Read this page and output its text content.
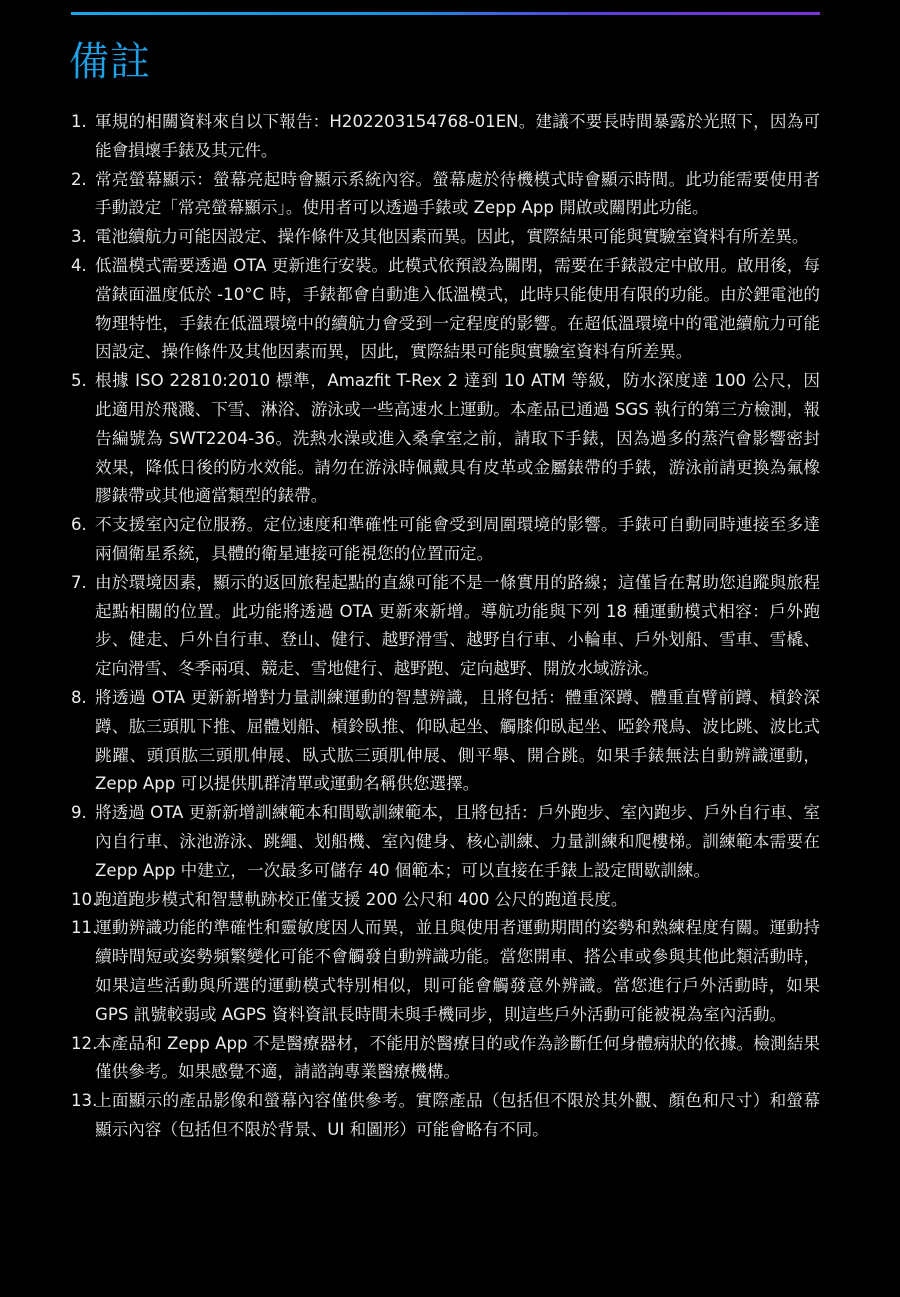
備註
1. 軍規的相關資料來自以下報告：H202203154768-01EN。建議不要長時間暴露於光照下，因為可能會損壞手錶及其元件。
2. 常亮螢幕顯示：螢幕亮起時會顯示系統內容。螢幕處於待機模式時會顯示時間。此功能需要使用者手動設定「常亮螢幕顯示」。使用者可以透過手錶或 Zepp App 開啟或關閉此功能。
3. 電池續航力可能因設定、操作條件及其他因素而異。因此，實際結果可能與實驗室資料有所差異。
4. 低溫模式需要透過 OTA 更新進行安裝。此模式依預設為關閉，需要在手錶設定中啟用。啟用後，每當錶面溫度低於 -10°C 時，手錶都會自動進入低溫模式，此時只能使用有限的功能。由於鋰電池的物理特性，手錶在低溫環境中的續航力會受到一定程度的影響。在超低溫環境中的電池續航力可能因設定、操作條件及其他因素而異，因此，實際結果可能與實驗室資料有所差異。
5. 根據 ISO 22810:2010 標準，Amazfit T-Rex 2 達到 10 ATM 等級，防水深度達 100 公尺，因此適用於飛濺、下雪、淋浴、游泳或一些高速水上運動。本產品已通過 SGS 執行的第三方檢測，報告編號為 SWT2204-36。洗熱水澡或進入桑拿室之前，請取下手錶，因為過多的蒸汽會影響密封效果，降低日後的防水效能。請勿在游泳時佩戴具有皮革或金屬錶帶的手錶，游泳前請更換為氟橡膠錶帶或其他適當類型的錶帶。
6. 不支援室內定位服務。定位速度和準確性可能會受到周圍環境的影響。手錶可自動同時連接至多達兩個衛星系統，具體的衛星連接可能視您的位置而定。
7. 由於環境因素，顯示的返回旅程起點的直線可能不是一條實用的路線；這僅旨在幫助您追蹤與旅程起點相關的位置。此功能將透過 OTA 更新來新增。導航功能與下列 18 種運動模式相容：戶外跑步、健走、戶外自行車、登山、健行、越野滑雪、越野自行車、小輪車、戶外划船、雪車、雪橇、定向滑雪、冬季兩項、競走、雪地健行、越野跑、定向越野、開放水域游泳。
8. 將透過 OTA 更新新增對力量訓練運動的智慧辨識，且將包括：體重深蹲、體重直臂前蹲、槓鈴深蹲、肱三頭肌下推、屈體划船、槓鈴臥推、仰臥起坐、觸膝仰臥起坐、啞鈴飛鳥、波比跳、波比式跳躍、頭頂肱三頭肌伸展、臥式肱三頭肌伸展、側平舉、開合跳。如果手錶無法自動辨識運動，Zepp App 可以提供肌群清單或運動名稱供您選擇。
9. 將透過 OTA 更新新增訓練範本和間歇訓練範本，且將包括：戶外跑步、室內跑步、戶外自行車、室內自行車、泳池游泳、跳繩、划船機、室內健身、核心訓練、力量訓練和爬樓梯。訓練範本需要在 Zepp App 中建立，一次最多可儲存 40 個範本；可以直接在手錶上設定間歇訓練。
10.
跑道跑步模式和智慧軌跡校正僅支援 200 公尺和 400 公尺的跑道長度。
11.
運動辨識功能的準確性和靈敏度因人而異，並且與使用者運動期間的姿勢和熟練程度有關。運動持續時間短或姿勢頻繁變化可能不會觸發自動辨識功能。當您開車、搭公車或參與其他此類活動時，如果這些活動與所選的運動模式特別相似，則可能會觸發意外辨識。當您進行戶外活動時，如果 GPS 訊號較弱或 AGPS 資料資訊長時間未與手機同步，則這些戶外活動可能被視為室內活動。
12.
本產品和 Zepp App 不是醫療器材，不能用於醫療目的或作為診斷任何身體病狀的依據。檢測結果僅供參考。如果感覺不適，請諮詢專業醫療機構。
13.
上面顯示的產品影像和螢幕內容僅供參考。實際產品（包括但不限於其外觀、顏色和尺寸）和螢幕顯示內容（包括但不限於背景、UI 和圖形）可能會略有不同。
